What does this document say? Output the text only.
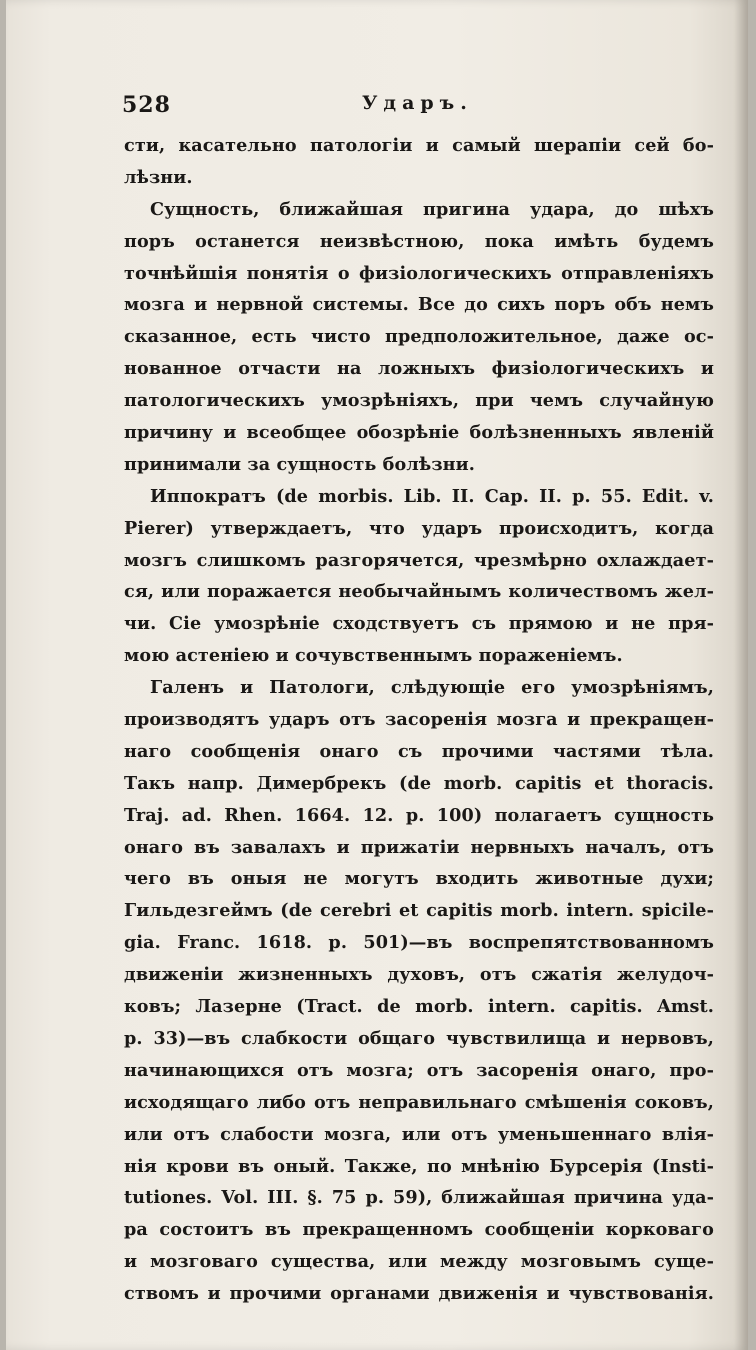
528	Ударъ.
сти, касательно патологіи и самый шерапіи сей бо-
лѣзни.
Сущность, ближайшая пригина удара, до шѣхъ
поръ останется неизвѣстною, пока имѣть будемъ
точнѣйшія понятія о физіологическихъ отправленіяхъ
мозга и нервной системы. Все до сихъ поръ объ немъ
сказанное, есть чисто предположительное, даже ос-
нованное отчасти на ложныхъ физіологическихъ и
патологическихъ умозрѣніяхъ, при чемъ случайную
причину и всеобщее обозрѣніе болѣзненныхъ явленій
принимали за сущность болѣзни.
Иппократъ (de morbis. Lib. II. Cap. II. p. 55. Edit. v.
Pierer) утверждаетъ, что ударъ происходитъ, когда
мозгъ слишкомъ разгорячется, чрезмѣрно охлаждает-
ся, или поражается необычайнымъ количествомъ жел-
чи. Сіе умозрѣніе сходствуетъ съ прямою и не пря-
мою астеніею и сочувственнымъ пораженіемъ.
Галенъ и Патологи, слѣдующіе его умозрѣніямъ,
производятъ ударъ отъ засоренія мозга и прекращен-
наго сообщенія онаго съ прочими частями тѣла.
Такъ напр. Димербрекъ (de morb. capitis et thoracis.
Traj. ad. Rhen. 1664. 12. p. 100) полагаетъ сущность
онаго въ завалахъ и прижатіи нервныхъ началъ, отъ
чего въ оныя не могутъ входить животные духи;
Гильдезгеймъ (de cerebri et capitis morb. intern. spicile-
gia. Franc. 1618. p. 501)—въ воспрепятствованномъ
движеніи жизненныхъ духовъ, отъ сжатія желудоч-
ковъ; Лазерне (Tract. de morb. intern. capitis. Amst.
p. 33)—въ слабкости общаго чувствилища и нервовъ,
начинающихся отъ мозга; отъ засоренія онаго, про-
исходящаго либо отъ неправильнаго смѣшенія соковъ,
или отъ слабости мозга, или отъ уменьшеннаго влія-
нія крови въ оный. Также, по мнѣнію Бурсерія (Insti-
tutiones. Vol. III. §. 75 p. 59), ближайшая причина уда-
ра состоитъ въ прекращенномъ сообщеніи корковаго
и мозговаго существа, или между мозговымъ суще-
ствомъ и прочими органами движенія и чувствованія.
